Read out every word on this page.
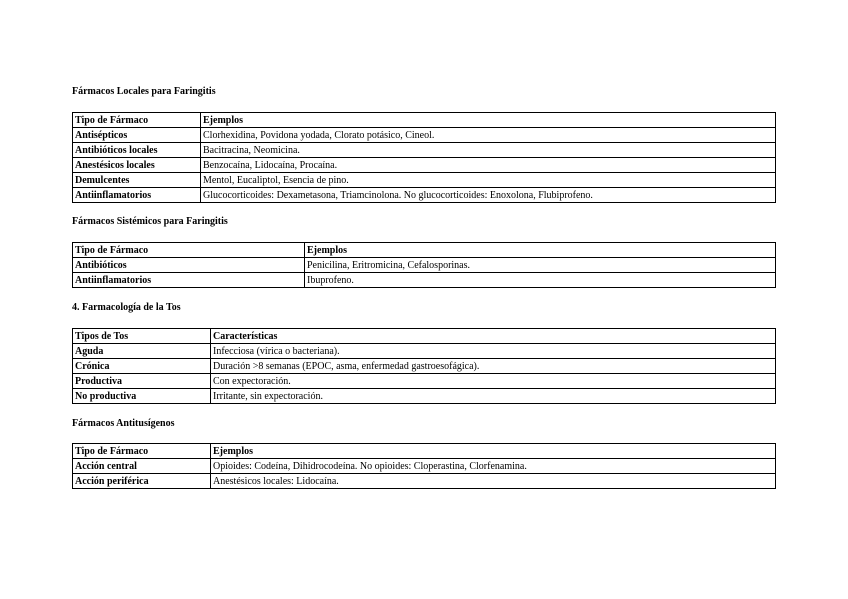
Fármacos Locales para Faringitis
Tipo de Fármaco	Ejemplos
Antisépticos	Clorhexidina, Povidona yodada, Clorato potásico, Cineol.
Antibióticos locales	Bacitracina, Neomicina.
Anestésicos locales	Benzocaína, Lidocaína, Procaína.
Demulcentes	Mentol, Eucaliptol, Esencia de pino.
Antiinflamatorios	Glucocorticoides: Dexametasona, Triamcinolona. No glucocorticoides: Enoxolona, Flubiprofeno.
Fármacos Sistémicos para Faringitis
Tipo de Fármaco	Ejemplos
Antibióticos	Penicilina, Eritromicina, Cefalosporinas.
Antiinflamatorios	Ibuprofeno.
4. Farmacología de la Tos
Tipos de Tos	Características
Aguda	Infecciosa (vírica o bacteriana).
Crónica	Duración >8 semanas (EPOC, asma, enfermedad gastroesofágica).
Productiva	Con expectoración.
No productiva	Irritante, sin expectoración.
Fármacos Antitusígenos
Tipo de Fármaco	Ejemplos
Acción central	Opioides: Codeína, Dihidrocodeína. No opioides: Cloperastina, Clorfenamina.
Acción periférica	Anestésicos locales: Lidocaína.
